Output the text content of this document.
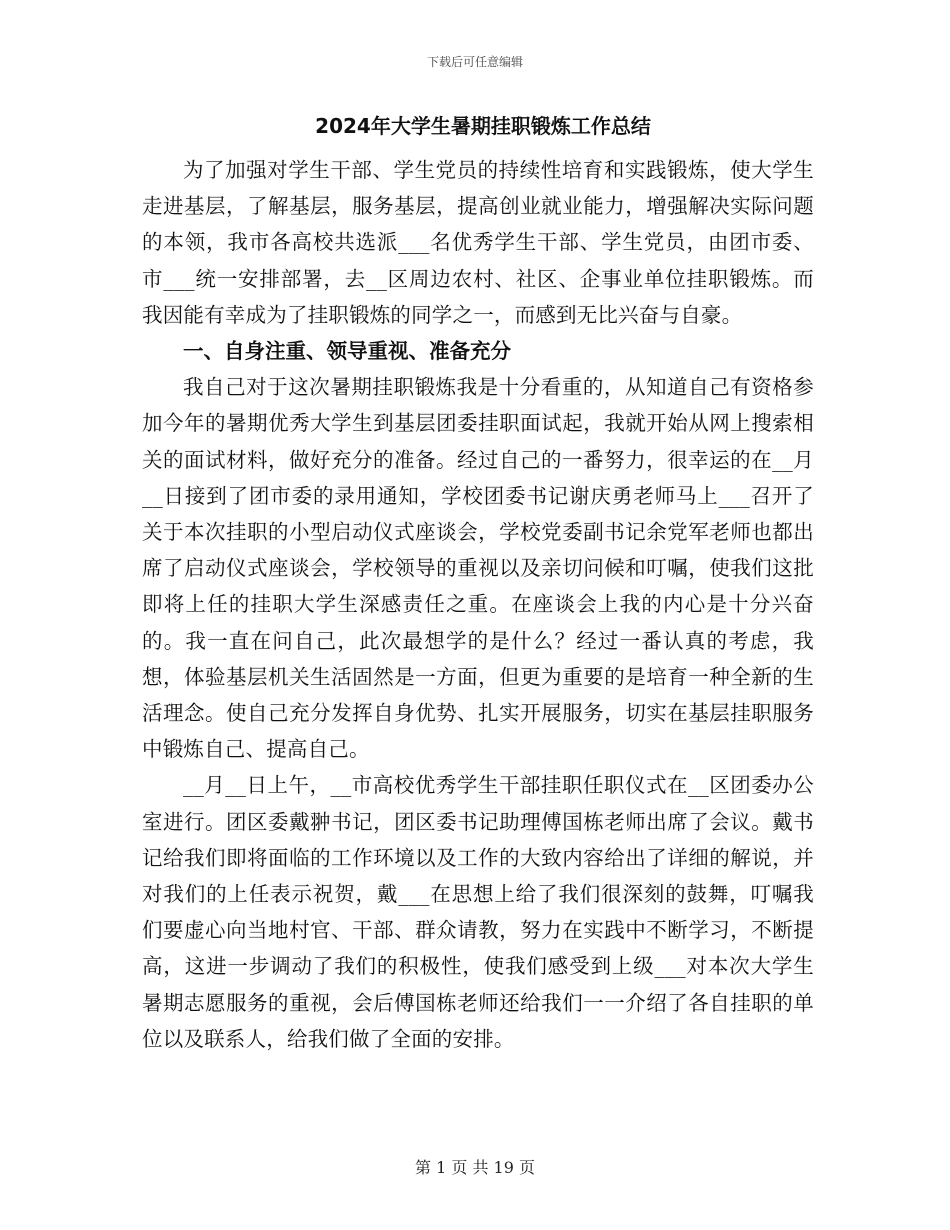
下载后可任意编辑
2024年大学生暑期挂职锻炼工作总结

为了加强对学生干部、学生党员的持续性培育和实践锻炼，使大学生走进基层，了解基层，服务基层，提高创业就业能力，增强解决实际问题的本领，我市各高校共选派___名优秀学生干部、学生党员，由团市委、市___统一安排部署，去__区周边农村、社区、企事业单位挂职锻炼。而我因能有幸成为了挂职锻炼的同学之一，而感到无比兴奋与自豪。

一、自身注重、领导重视、准备充分

我自己对于这次暑期挂职锻炼我是十分看重的，从知道自己有资格参加今年的暑期优秀大学生到基层团委挂职面试起，我就开始从网上搜索相关的面试材料，做好充分的准备。经过自己的一番努力，很幸运的在__月__日接到了团市委的录用通知，学校团委书记谢庆勇老师马上___召开了关于本次挂职的小型启动仪式座谈会，学校党委副书记余党军老师也都出席了启动仪式座谈会，学校领导的重视以及亲切问候和叮嘱，使我们这批即将上任的挂职大学生深感责任之重。在座谈会上我的内心是十分兴奋的。我一直在问自己，此次最想学的是什么？经过一番认真的考虑，我想，体验基层机关生活固然是一方面，但更为重要的是培育一种全新的生活理念。使自己充分发挥自身优势、扎实开展服务，切实在基层挂职服务中锻炼自己、提高自己。

__月__日上午，__市高校优秀学生干部挂职任职仪式在__区团委办公室进行。团区委戴翀书记，团区委书记助理傅国栋老师出席了会议。戴书记给我们即将面临的工作环境以及工作的大致内容给出了详细的解说，并对我们的上任表示祝贺，戴___在思想上给了我们很深刻的鼓舞，叮嘱我们要虚心向当地村官、干部、群众请教，努力在实践中不断学习，不断提高，这进一步调动了我们的积极性，使我们感受到上级___对本次大学生暑期志愿服务的重视，会后傅国栋老师还给我们一一介绍了各自挂职的单位以及联系人，给我们做了全面的安排。

第 1 页 共 19 页
